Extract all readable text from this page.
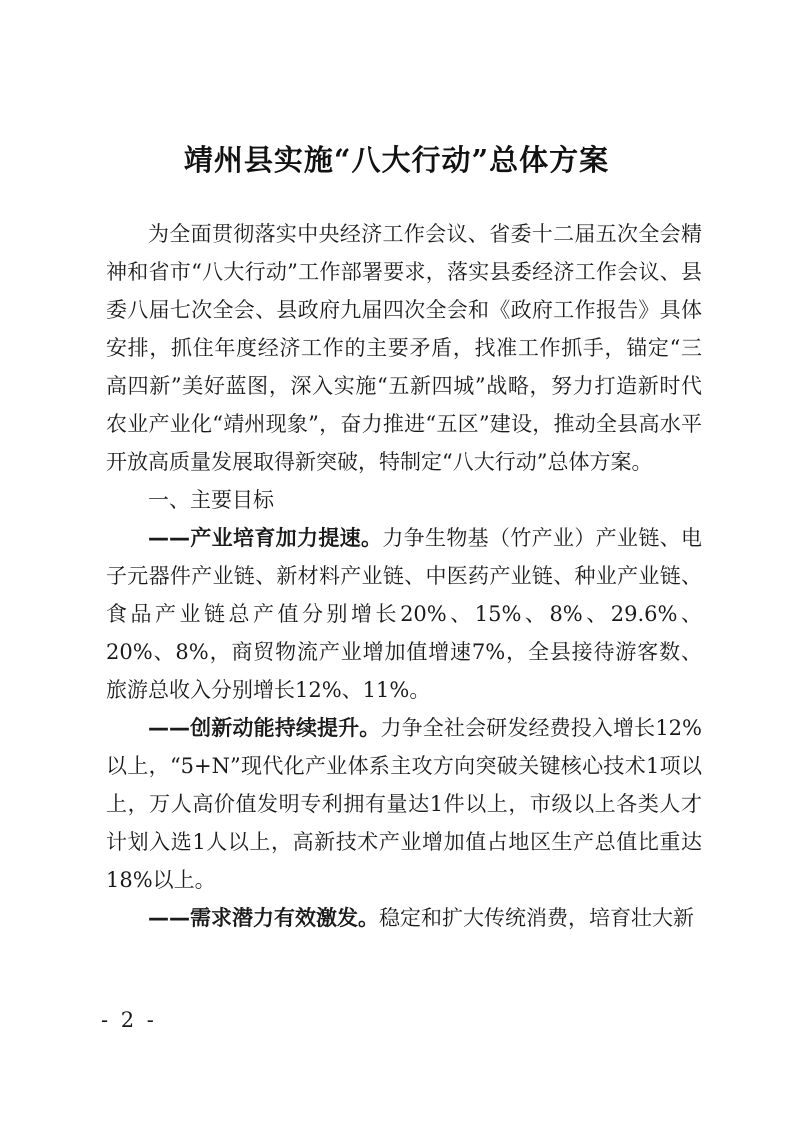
靖州县实施“八大行动”总体方案

为全面贯彻落实中央经济工作会议、省委十二届五次全会精神和省市“八大行动”工作部署要求，落实县委经济工作会议、县委八届七次全会、县政府九届四次全会和《政府工作报告》具体安排，抓住年度经济工作的主要矛盾，找准工作抓手，锚定“三高四新”美好蓝图，深入实施“五新四城”战略，努力打造新时代农业产业化“靖州现象”，奋力推进“五区”建设，推动全县高水平开放高质量发展取得新突破，特制定“八大行动”总体方案。

一、主要目标

——产业培育加力提速。力争生物基（竹产业）产业链、电子元器件产业链、新材料产业链、中医药产业链、种业产业链、食品产业链总产值分别增长20%、15%、8%、29.6%、20%、8%，商贸物流产业增加值增速7%，全县接待游客数、旅游总收入分别增长12%、11%。

——创新动能持续提升。力争全社会研发经费投入增长12%以上，“5+N”现代化产业体系主攻方向突破关键核心技术1项以上，万人高价值发明专利拥有量达1件以上，市级以上各类人才计划入选1人以上，高新技术产业增加值占地区生产总值比重达18%以上。

——需求潜力有效激发。稳定和扩大传统消费，培育壮大新

- 2 -
